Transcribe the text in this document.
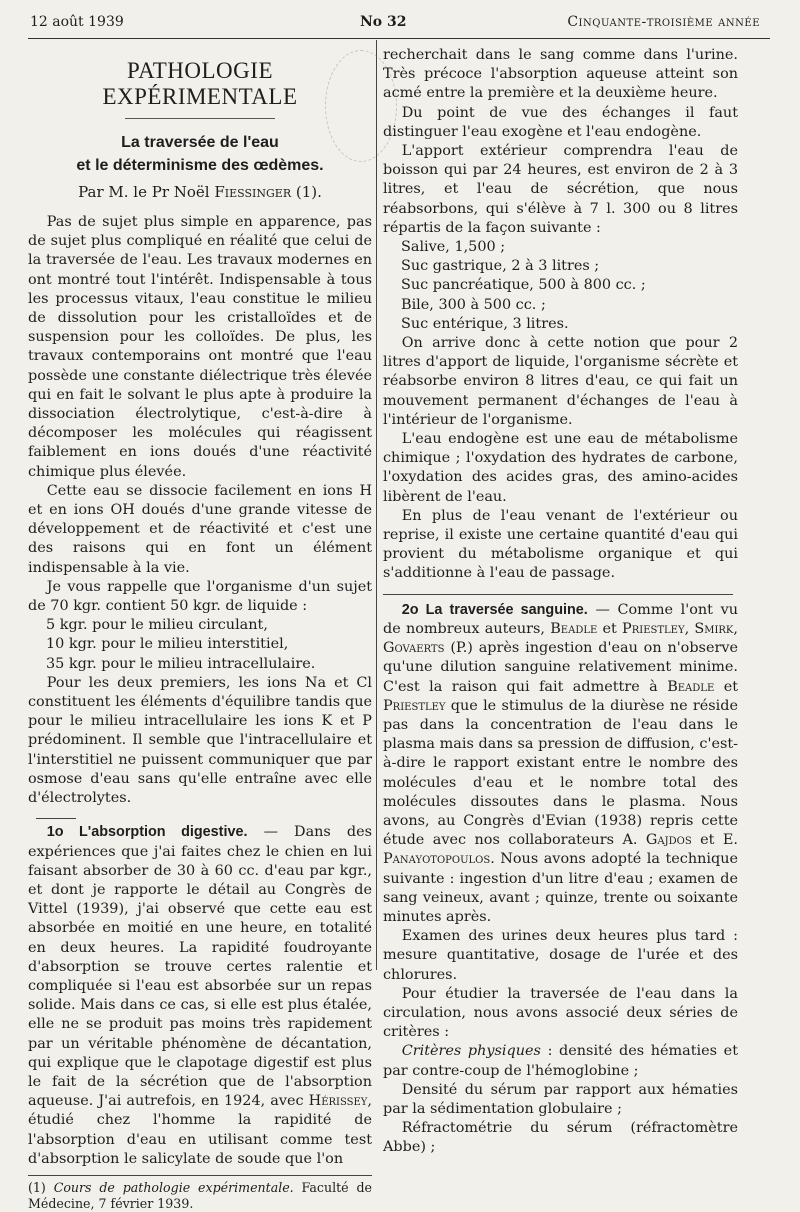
12 août 1939	No 32	Cinquante-troisième année
PATHOLOGIE EXPÉRIMENTALE
La traversée de l'eau
et le déterminisme des œdèmes.
Par M. le Pr Noël Fiessinger (1).

Pas de sujet plus simple en apparence, pas de sujet plus compliqué en réalité que celui de la traversée de l'eau. Les travaux modernes en ont montré tout l'intérêt. Indispensable à tous les processus vitaux, l'eau constitue le milieu de dissolution pour les cristalloïdes et de suspension pour les colloïdes. De plus, les travaux contemporains ont montré que l'eau possède une constante diélectrique très élevée qui en fait le solvant le plus apte à produire la dissociation électrolytique, c'est-à-dire à décomposer les molécules qui réagissent faiblement en ions doués d'une réactivité chimique plus élevée.

Cette eau se dissocie facilement en ions H et en ions OH doués d'une grande vitesse de développement et de réactivité et c'est une des raisons qui en font un élément indispensable à la vie.

Je vous rappelle que l'organisme d'un sujet de 70 kgr. contient 50 kgr. de liquide :

5 kgr. pour le milieu circulant,
10 kgr. pour le milieu interstitiel,
35 kgr. pour le milieu intracellulaire.

Pour les deux premiers, les ions Na et Cl constituent les éléments d'équilibre tandis que pour le milieu intracellulaire les ions K et P prédominent. Il semble que l'intracellulaire et l'interstitiel ne puissent communiquer que par osmose d'eau sans qu'elle entraîne avec elle d'électrolytes.

1o L'absorption digestive. — Dans des expériences que j'ai faites chez le chien en lui faisant absorber de 30 à 60 cc. d'eau par kgr., et dont je rapporte le détail au Congrès de Vittel (1939), j'ai observé que cette eau est absorbée en moitié en une heure, en totalité en deux heures. La rapidité foudroyante d'absorption se trouve certes ralentie et compliquée si l'eau est absorbée sur un repas solide. Mais dans ce cas, si elle est plus étalée, elle ne se produit pas moins très rapidement par un véritable phénomène de décantation, qui explique que le clapotage digestif est plus le fait de la sécrétion que de l'absorption aqueuse. J'ai autrefois, en 1924, avec Hérissey, étudié chez l'homme la rapidité de l'absorption d'eau en utilisant comme test d'absorption le salicylate de soude que l'on

(1) Cours de pathologie expérimentale. Faculté de Médecine, 7 février 1939.

recherchait dans le sang comme dans l'urine. Très précoce l'absorption aqueuse atteint son acmé entre la première et la deuxième heure.

Du point de vue des échanges il faut distinguer l'eau exogène et l'eau endogène.

L'apport extérieur comprendra l'eau de boisson qui par 24 heures, est environ de 2 à 3 litres, et l'eau de sécrétion, que nous réabsorbons, qui s'élève à 7 l. 300 ou 8 litres répartis de la façon suivante :

Salive, 1,500 ;
Suc gastrique, 2 à 3 litres ;
Suc pancréatique, 500 à 800 cc. ;
Bile, 300 à 500 cc. ;
Suc entérique, 3 litres.

On arrive donc à cette notion que pour 2 litres d'apport de liquide, l'organisme sécrète et réabsorbe environ 8 litres d'eau, ce qui fait un mouvement permanent d'échanges de l'eau à l'intérieur de l'organisme.

L'eau endogène est une eau de métabolisme chimique ; l'oxydation des hydrates de carbone, l'oxydation des acides gras, des amino-acides libèrent de l'eau.

En plus de l'eau venant de l'extérieur ou reprise, il existe une certaine quantité d'eau qui provient du métabolisme organique et qui s'additionne à l'eau de passage.

2o La traversée sanguine. — Comme l'ont vu de nombreux auteurs, Beadle et Priestley, Smirk, Govaerts (P.) après ingestion d'eau on n'observe qu'une dilution sanguine relativement minime. C'est la raison qui fait admettre à Beadle et Priestley que le stimulus de la diurèse ne réside pas dans la concentration de l'eau dans le plasma mais dans sa pression de diffusion, c'est-à-dire le rapport existant entre le nombre des molécules d'eau et le nombre total des molécules dissoutes dans le plasma. Nous avons, au Congrès d'Evian (1938) repris cette étude avec nos collaborateurs A. Gajdos et E. Panayotopoulos. Nous avons adopté la technique suivante : ingestion d'un litre d'eau ; examen de sang veineux, avant ; quinze, trente ou soixante minutes après.

Examen des urines deux heures plus tard : mesure quantitative, dosage de l'urée et des chlorures.

Pour étudier la traversée de l'eau dans la circulation, nous avons associé deux séries de critères :

Critères physiques : densité des hématies et par contre-coup de l'hémoglobine ;

Densité du sérum par rapport aux hématies par la sédimentation globulaire ;

Réfractométrie du sérum (réfractomètre Abbe) ;
